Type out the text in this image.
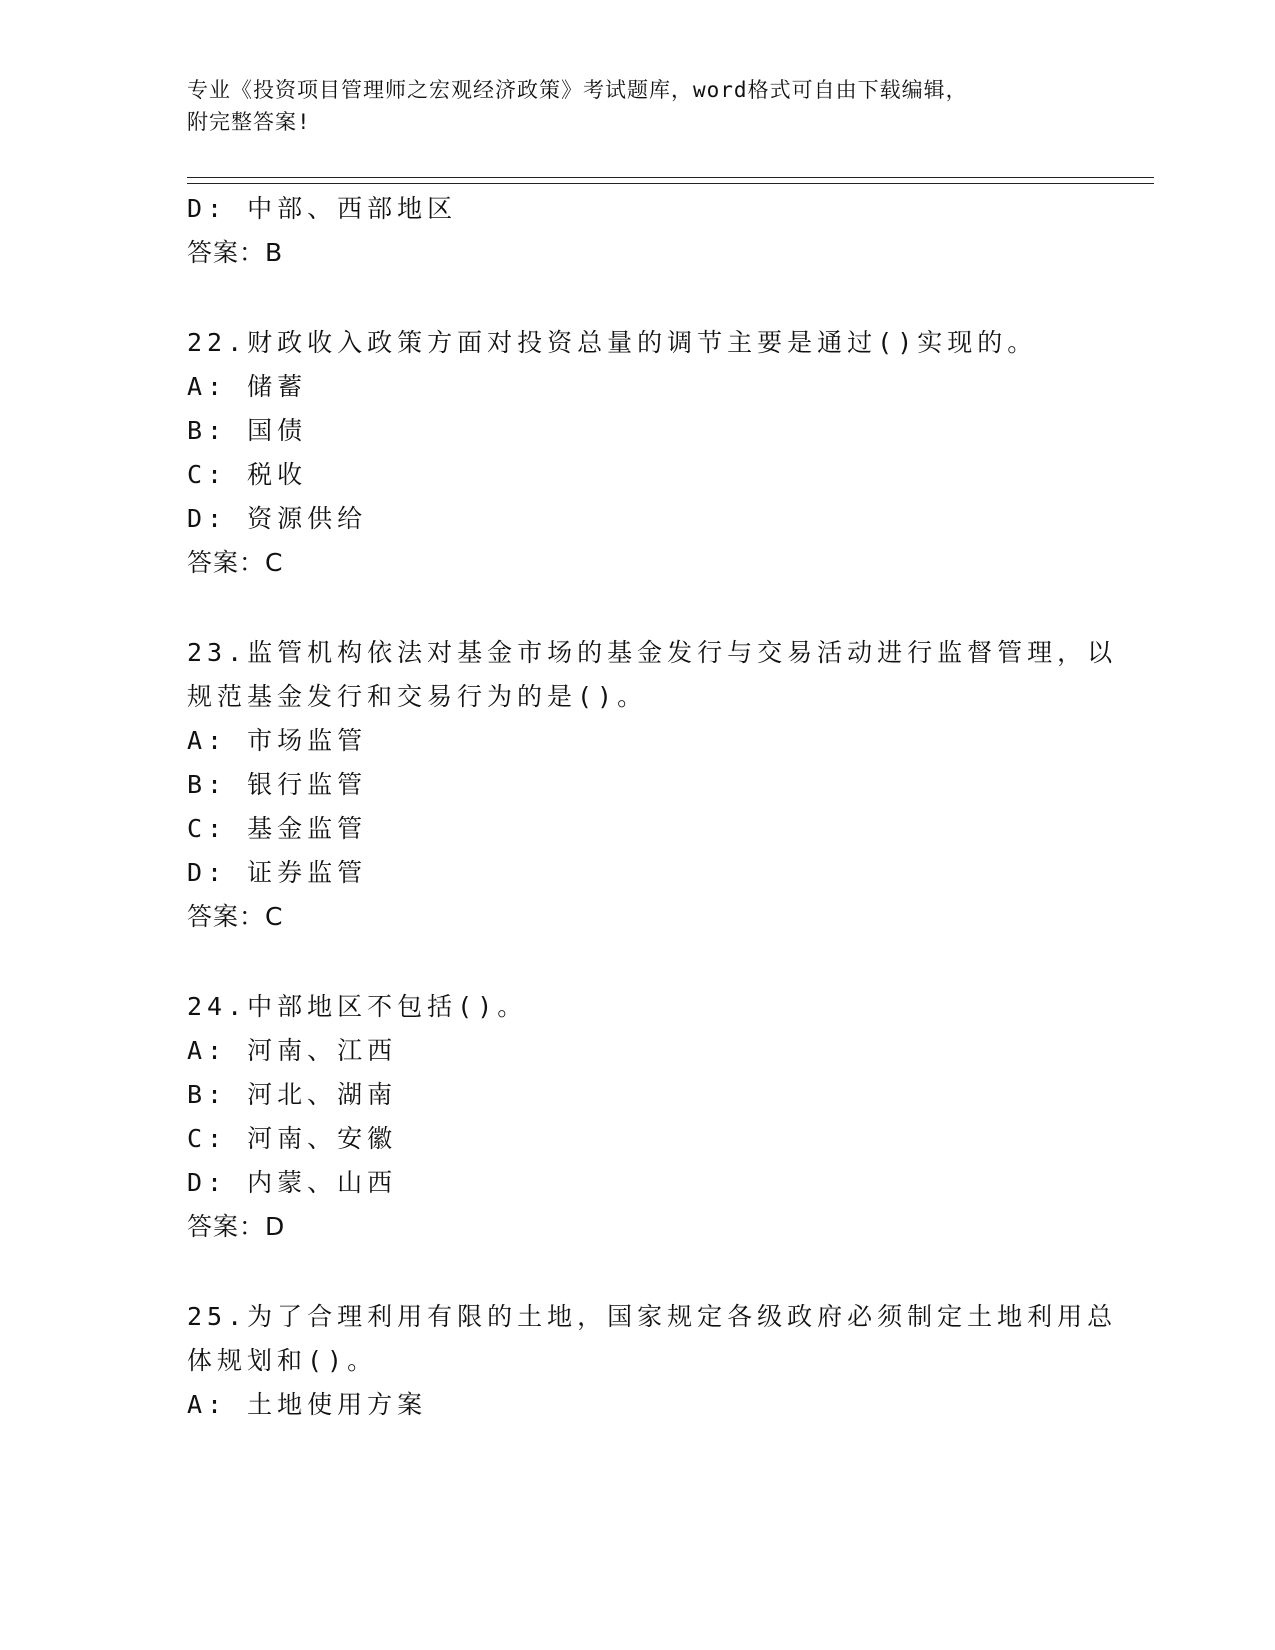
专业《投资项目管理师之宏观经济政策》考试题库，word格式可自由下载编辑，
附完整答案!
D: 中部、西部地区
答案：B
22.财政收入政策方面对投资总量的调节主要是通过()实现的。
A: 储蓄
B: 国债
C: 税收
D: 资源供给
答案：C
23.监管机构依法对基金市场的基金发行与交易活动进行监督管理，以
规范基金发行和交易行为的是()。
A: 市场监管
B: 银行监管
C: 基金监管
D: 证券监管
答案：C
24.中部地区不包括()。
A: 河南、江西
B: 河北、湖南
C: 河南、安徽
D: 内蒙、山西
答案：D
25.为了合理利用有限的土地，国家规定各级政府必须制定土地利用总
体规划和()。
A: 土地使用方案
